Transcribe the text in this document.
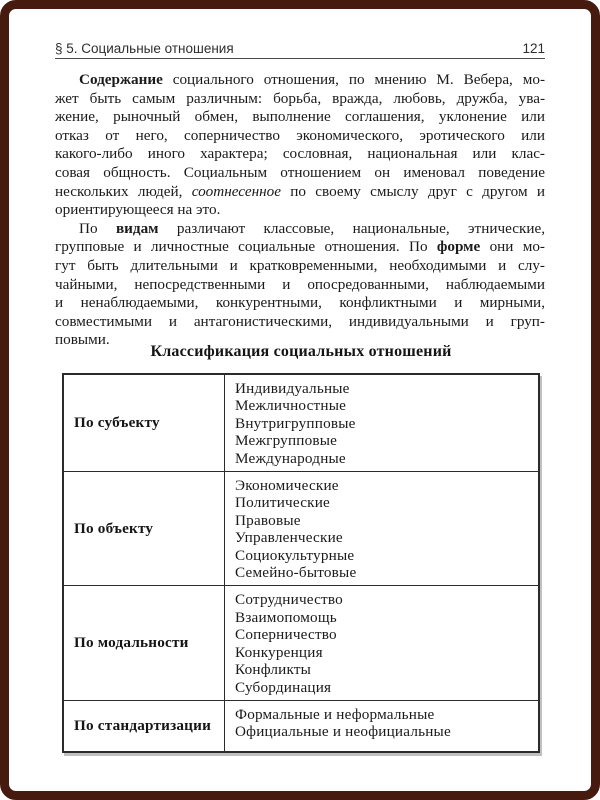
§ 5. Социальные отношения	121
Содержание социального отношения, по мнению М. Вебера, мо-
жет быть самым различным: борьба, вражда, любовь, дружба, ува-
жение, рыночный обмен, выполнение соглашения, уклонение или
отказ от него, соперничество экономического, эротического или
какого-либо иного характера; сословная, национальная или клас-
совая общность. Социальным отношением он именовал поведение
нескольких людей, соотнесенное по своему смыслу друг с другом и
ориентирующееся на это.
По видам различают классовые, национальные, этнические,
групповые и личностные социальные отношения. По форме они мо-
гут быть длительными и кратковременными, необходимыми и слу-
чайными, непосредственными и опосредованными, наблюдаемыми
и ненаблюдаемыми, конкурентными, конфликтными и мирными,
совместимыми и антагонистическими, индивидуальными и груп-
повыми.
Классификация социальных отношений
По субъекту
Индивидуальные
Межличностные
Внутригрупповые
Межгрупповые
Международные
По объекту
Экономические
Политические
Правовые
Управленческие
Социокультурные
Семейно-бытовые
По модальности
Сотрудничество
Взаимопомощь
Соперничество
Конкуренция
Конфликты
Субординация
По стандартизации
Формальные и неформальные
Официальные и неофициальные
